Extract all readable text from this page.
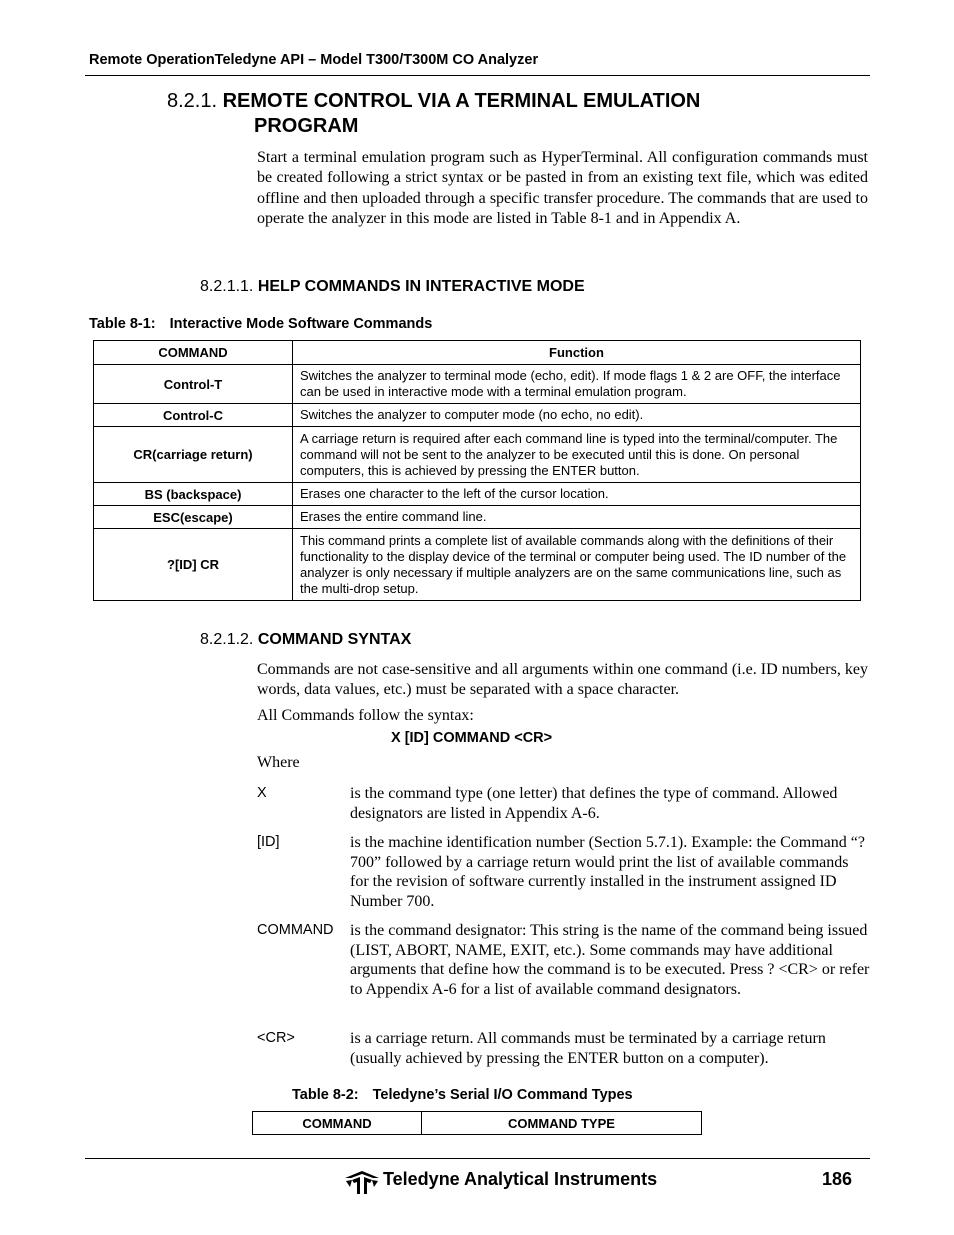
Remote OperationTeledyne API – Model T300/T300M CO Analyzer
8.2.1. REMOTE CONTROL VIA A TERMINAL EMULATION
PROGRAM
Start a terminal emulation program such as HyperTerminal. All configuration commands must be created following a strict syntax or be pasted in from an existing text file, which was edited offline and then uploaded through a specific transfer procedure. The commands that are used to operate the analyzer in this mode are listed in Table 8-1 and in Appendix A.
8.2.1.1. HELP COMMANDS IN INTERACTIVE MODE
Table 8-1: Interactive Mode Software Commands
COMMAND	Function
Control-T	Switches the analyzer to terminal mode (echo, edit). If mode flags 1 & 2 are OFF, the interface can be used in interactive mode with a terminal emulation program.
Control-C	Switches the analyzer to computer mode (no echo, no edit).
CR(carriage return)	A carriage return is required after each command line is typed into the terminal/computer. The command will not be sent to the analyzer to be executed until this is done. On personal computers, this is achieved by pressing the ENTER button.
BS (backspace)	Erases one character to the left of the cursor location.
ESC(escape)	Erases the entire command line.
?[ID] CR	This command prints a complete list of available commands along with the definitions of their functionality to the display device of the terminal or computer being used. The ID number of the analyzer is only necessary if multiple analyzers are on the same communications line, such as the multi-drop setup.
8.2.1.2. COMMAND SYNTAX
Commands are not case-sensitive and all arguments within one command (i.e. ID numbers, key words, data values, etc.) must be separated with a space character.
All Commands follow the syntax:
X [ID] COMMAND <CR>
Where
X	is the command type (one letter) that defines the type of command. Allowed designators are listed in Appendix A-6.
[ID]	is the machine identification number (Section 5.7.1). Example: the Command “? 700” followed by a carriage return would print the list of available commands for the revision of software currently installed in the instrument assigned ID Number 700.
COMMAND is the command designator: This string is the name of the command being issued (LIST, ABORT, NAME, EXIT, etc.). Some commands may have additional arguments that define how the command is to be executed. Press ? <CR> or refer to Appendix A-6 for a list of available command designators.
<CR>	is a carriage return. All commands must be terminated by a carriage return (usually achieved by pressing the ENTER button on a computer).
Table 8-2: Teledyne’s Serial I/O Command Types
COMMAND	COMMAND TYPE
Teledyne Analytical Instruments	186
